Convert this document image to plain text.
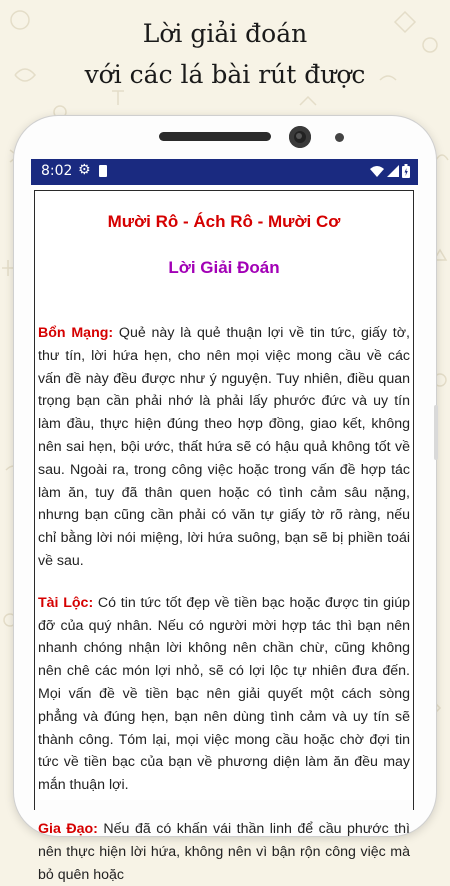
Lời giải đoán
với các lá bài rút được
8:02 ⚙
Mười Rô - Ách Rô - Mười Cơ
Lời Giải Đoán
Bổn Mạng: Quẻ này là quẻ thuận lợi về tin tức, giấy tờ, thư tín, lời hứa hẹn, cho nên mọi việc mong cầu về các vấn đề này đều được như ý nguyện. Tuy nhiên, điều quan trọng bạn cần phải nhớ là phải lấy phước đức và uy tín làm đầu, thực hiện đúng theo hợp đồng, giao kết, không nên sai hẹn, bội ước, thất hứa sẽ có hậu quả không tốt về sau. Ngoài ra, trong công việc hoặc trong vấn đề hợp tác làm ăn, tuy đã thân quen hoặc có tình cảm sâu nặng, nhưng bạn cũng cần phải có văn tự giấy tờ rõ ràng, nếu chỉ bằng lời nói miệng, lời hứa suông, bạn sẽ bị phiền toái về sau.
Tài Lộc: Có tin tức tốt đẹp về tiền bạc hoặc được tin giúp đỡ của quý nhân. Nếu có người mời hợp tác thì bạn nên nhanh chóng nhận lời không nên chần chừ, cũng không nên chê các món lợi nhỏ, sẽ có lợi lộc tự nhiên đưa đến. Mọi vấn đề về tiền bạc nên giải quyết một cách sòng phẳng và đúng hẹn, bạn nên dùng tình cảm và uy tín sẽ thành công. Tóm lại, mọi việc mong cầu hoặc chờ đợi tin tức về tiền bạc của bạn về phương diện làm ăn đều may mắn thuận lợi.
Gia Đạo: Nếu đã có khấn vái thần linh để cầu phước thì nên thực hiện lời hứa, không nên vì bận rộn công việc mà bỏ quên hoặc
